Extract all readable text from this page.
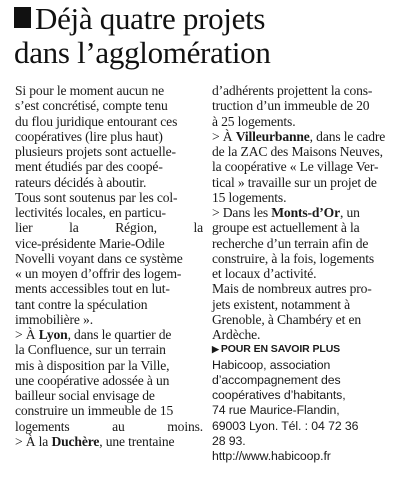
Déjà quatre projets
dans l’agglomération
Si pour le moment aucun ne
s’est concrétisé, compte tenu
du flou juridique entourant ces
coopératives (lire plus haut)
plusieurs projets sont actuelle-
ment étudiés par des coopé-
rateurs décidés à aboutir.
Tous sont soutenus par les col-
lectivités locales, en particu-
lier	la	Région,	la
vice-présidente Marie-Odile
Novelli voyant dans ce système
« un moyen d’offrir des logem-
ments accessibles tout en lut-
tant contre la spéculation
immobilière ».
> À Lyon, dans le quartier de
la Confluence, sur un terrain
mis à disposition par la Ville,
une coopérative adossée à un
bailleur social envisage de
construire un immeuble de 15
logements	au	moins.
> À la Duchère, une trentaine
d’adhérents projettent la cons-
truction d’un immeuble de 20
à 25 logements.
> À Villeurbanne, dans le cadre
de la ZAC des Maisons Neuves,
la coopérative « Le village Ver-
tical » travaille sur un projet de
15 logements.
> Dans les Monts-d’Or, un
groupe est actuellement à la
recherche d’un terrain afin de
construire, à la fois, logements
et locaux d’activité.
Mais de nombreux autres pro-
jets existent, notamment à
Grenoble, à Chambéry et en
Ardèche.
▶ POUR EN SAVOIR PLUS
Habicoop, association
d’accompagnement des
coopératives d’habitants,
74 rue Maurice-Flandin,
69003 Lyon. Tél. : 04 72 36
28 93.
http://www.habicoop.fr
